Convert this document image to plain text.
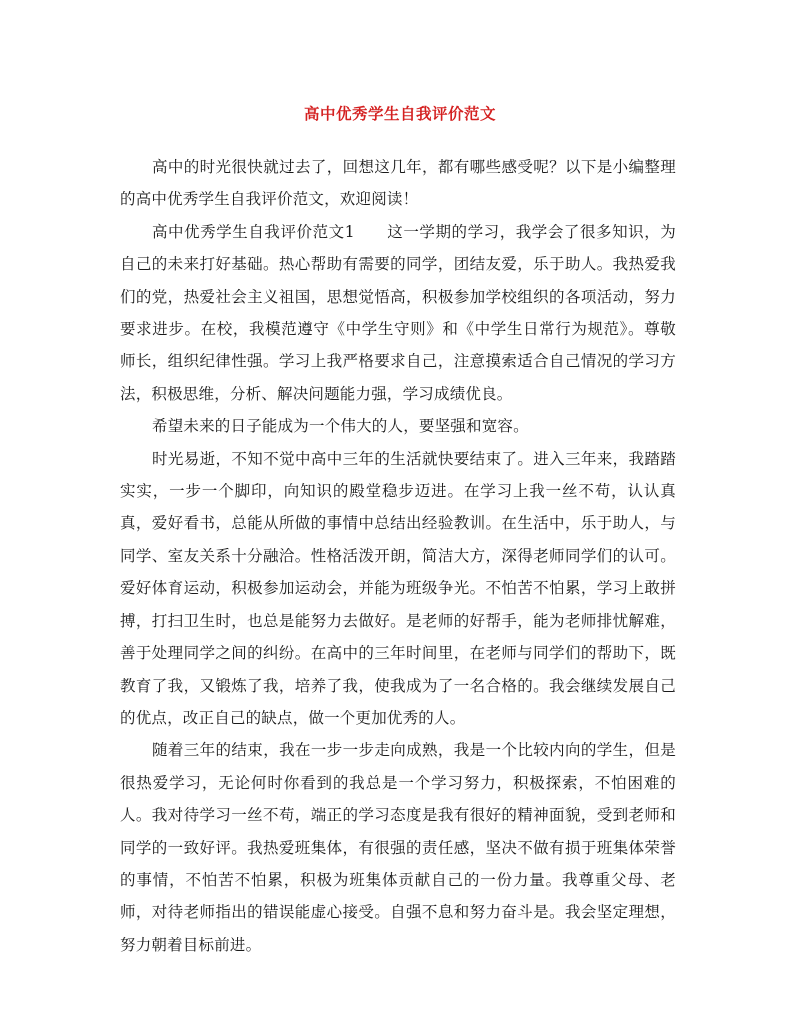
高中优秀学生自我评价范文

高中的时光很快就过去了，回想这几年，都有哪些感受呢？以下是小编整理的高中优秀学生自我评价范文，欢迎阅读！

高中优秀学生自我评价范文1　　这一学期的学习，我学会了很多知识，为自己的未来打好基础。热心帮助有需要的同学，团结友爱，乐于助人。我热爱我们的党，热爱社会主义祖国，思想觉悟高，积极参加学校组织的各项活动，努力要求进步。在校，我模范遵守《中学生守则》和《中学生日常行为规范》。尊敬师长，组织纪律性强。学习上我严格要求自己，注意摸索适合自己情况的学习方法，积极思维，分析、解决问题能力强，学习成绩优良。

希望未来的日子能成为一个伟大的人，要坚强和宽容。

时光易逝，不知不觉中高中三年的生活就快要结束了。进入三年来，我踏踏实实，一步一个脚印，向知识的殿堂稳步迈进。在学习上我一丝不苟，认认真真，爱好看书，总能从所做的事情中总结出经验教训。在生活中，乐于助人，与同学、室友关系十分融洽。性格活泼开朗，简洁大方，深得老师同学们的认可。爱好体育运动，积极参加运动会，并能为班级争光。不怕苦不怕累，学习上敢拼搏，打扫卫生时，也总是能努力去做好。是老师的好帮手，能为老师排忧解难，善于处理同学之间的纠纷。在高中的三年时间里，在老师与同学们的帮助下，既教育了我，又锻炼了我，培养了我，使我成为了一名合格的。我会继续发展自己的优点，改正自己的缺点，做一个更加优秀的人。

随着三年的结束，我在一步一步走向成熟，我是一个比较内向的学生，但是很热爱学习，无论何时你看到的我总是一个学习努力，积极探索，不怕困难的人。我对待学习一丝不苟，端正的学习态度是我有很好的精神面貌，受到老师和同学的一致好评。我热爱班集体，有很强的责任感，坚决不做有损于班集体荣誉的事情，不怕苦不怕累，积极为班集体贡献自己的一份力量。我尊重父母、老师，对待老师指出的错误能虚心接受。自强不息和努力奋斗是。我会坚定理想，努力朝着目标前进。
